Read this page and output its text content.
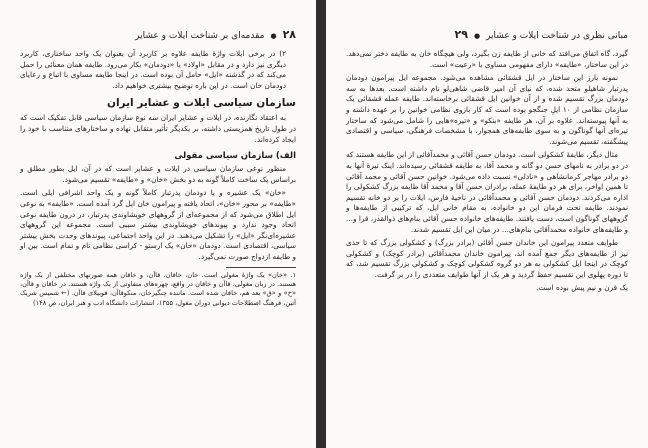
۲۸
●
مقدمه‌ای بر شناخت ایلات و عشایر

۲) در برخی ایلات واژهٔ طایفه علاوه بر کاربرد آن بعنوان یک واحد ساختاری، کاربرد دیگری نیز دارد و در مقابل «اولاد» یا «دودمان» بکار می‌رود. طایفه همان معنائی را حمل می‌کند که در گذشته «ایل» حامل آن بوده است. در اینجا طایفه مساوی با اتباع و رعایای دودمان خان است. در این باره توضیح بیشتری خواهیم داد.

سازمان سیاسی ایلات و عشایر ایران

به اعتقاد نگارنده، در ایلات و عشایر ایران سه نوع سازمان سیاسی قابل تفکیک است که در طول تاریخ همزیستی داشته، بر یکدیگر تأثیر متقابل نهاده و ساختارهای متناسب با خود را ایجاد کرده‌اند.

الف) سازمان سیاسی مقولی

منظور نوعی سازمان سیاسی در ایلات و عشایر است که در آن، ایل بطور مطلق و براساس یک ساخت کاملاً گونه به دو بخش «خان» و «طایفه» تقسیم می‌شود.

«خان» یک عشیره و یا دودمان پدرتبار کاملاً گونه و یک واحد اشرافی ایلی است. «طایفه» بر محور «خان»، اتحاد یافته و پیرامون خان ایل گرد آمده است. «طایفه» به نوعی ایل اطلاق می‌شود که از مجموعه‌ای از گروههای خویشاوندی پدرتبار، در درون طایفه نوعی اتحاد وجود ندارد و پیوندهای خویشاوندی بیشتر سببی است. مجموعه این گروههای عشیره‌ای‌نگر «ایل» را تشکیل می‌دهند. در این واحد اجتماعی، پیوندهای وحدت بخش بیشتر سیاسی، اقتصادی است. دودمان «خان» یک ارستو - کراسی نظامی تام و تمام است. بین او و طایفه ازدواج صورت نمی‌گیرد.

۱. «خان» یک واژهٔ مغولی است. خان، خاقان، قاآن، و خاقان همه صورتهای مختلفی از یک واژه هستند. در زبان مغولی، قاآن و خاقان در واقع، چهره‌های متفاوتی از یک واژه هستند. در خاقان و قاآن، «خ» و «ق» بعد هم، خاقان شده است. ماننده چنگیزخان، منکوقاآن، قوبیلای قاآن. (← شمیس شریک آثین، فرهنگ اصطلاحات دیوانی دوران مغول، ۱۳۵۵، انتشارات دانشگاه ادب و هنر ایران، ص ۱۴۸)

۲۹ ● مبانی نظری در شناخت ایلات و عشایر

گیرد، گاه اتفاق می‌افتد که خانی از طایفه زن بگیرد، ولی هیچگاه خان به طایفه دختر نمی‌دهد. در این ساختار، «طایفه» دارای مفهومی مساوی با «رعیت» است.

نمونه بارز این ساختار در ایل قشقائی مشاهده می‌شود. مجموعه ایل پیرامون دودمان پدرتبار شاهیلو متحد شده، که نیای آن امیر قاضی شاهی‌لو نام داشته است. بعدها به سه دودمان بزرگ تقسیم شده و از آن خوانین ایل قشقائی برخاسته‌اند. طایفه عمله قشقائی یک سازمان نظامی از ۱۰ ایلِ جنگجو بوده است که کار بازوی نظامی خوانین را بر عهده داشته و به آنها پیوسته‌اند. علاوه بر آن، هر طایفه «بنکو» و «تیره»هایی را شامل می‌شود که ساختار تیره‌ای آنها گوناگون و به سوی طایفه‌های همجوار، با مشخصات فرهنگی، سیاسی و اقتصادی پیشگفته، تقسیم می‌شوند.

مثال دیگر، طایفهٔ کشکولی است. دودمان حسن آقائی و محمدآقائی از این طایفه هستند که در دو برادر به نامهای حسن دو گانه و محمد آقا، به طایفه قشقائی رسیده‌اند. اینک تیرهٔ آنها به دو برادر مهاجر کرمانشاهی و «نادلی» نسبت داده می‌شود. خوانین حسن آقائی و محمد آقائی تا همین اواخر، برای هر دو طایفهٔ عمله، برادران حسن آقا و محمد آقا طایفه بزرگ کشکولی را اداره می‌کردند. دودمان حسن آقائی و محمدآقائی در ناحیهٔ فارس، ایلات را بر دو خانه تقسیم نمودند. طایفه تحت فرمان این دو خانواده، به مقام خانی ایل، که ترکیبی از طایفه‌ها و گروههای گوناگون است، دست یافتند. طایفه‌های خانواده حسن آقائی بنام‌های ذوالقدر، قرا و... و طایفه‌های خانواده محمدآقائی بنام‌های... در میان این ایل تقسیم شدند.

طوایف متعدد پیرامون این خاندان حسن آقائی (برادر بزرگ) و کشکولی بزرگ که تا حدی نیز از طایفه‌های دیگر جمع آمده اند، پیرامون خاندان محمدآقائی (برادر کوچک) و کشکولی کوچک در اینجا ایل کشکولی به هر دو گروه کشکولی کوچک و کشکولی بزرگ تقسیم شد، که تا دوره پهلوی این تقسیم حفظ گردید و هر یک از آنها طوایف متعددی را در بر گرفت.

یک قرن و نیم پیش بوده است.
